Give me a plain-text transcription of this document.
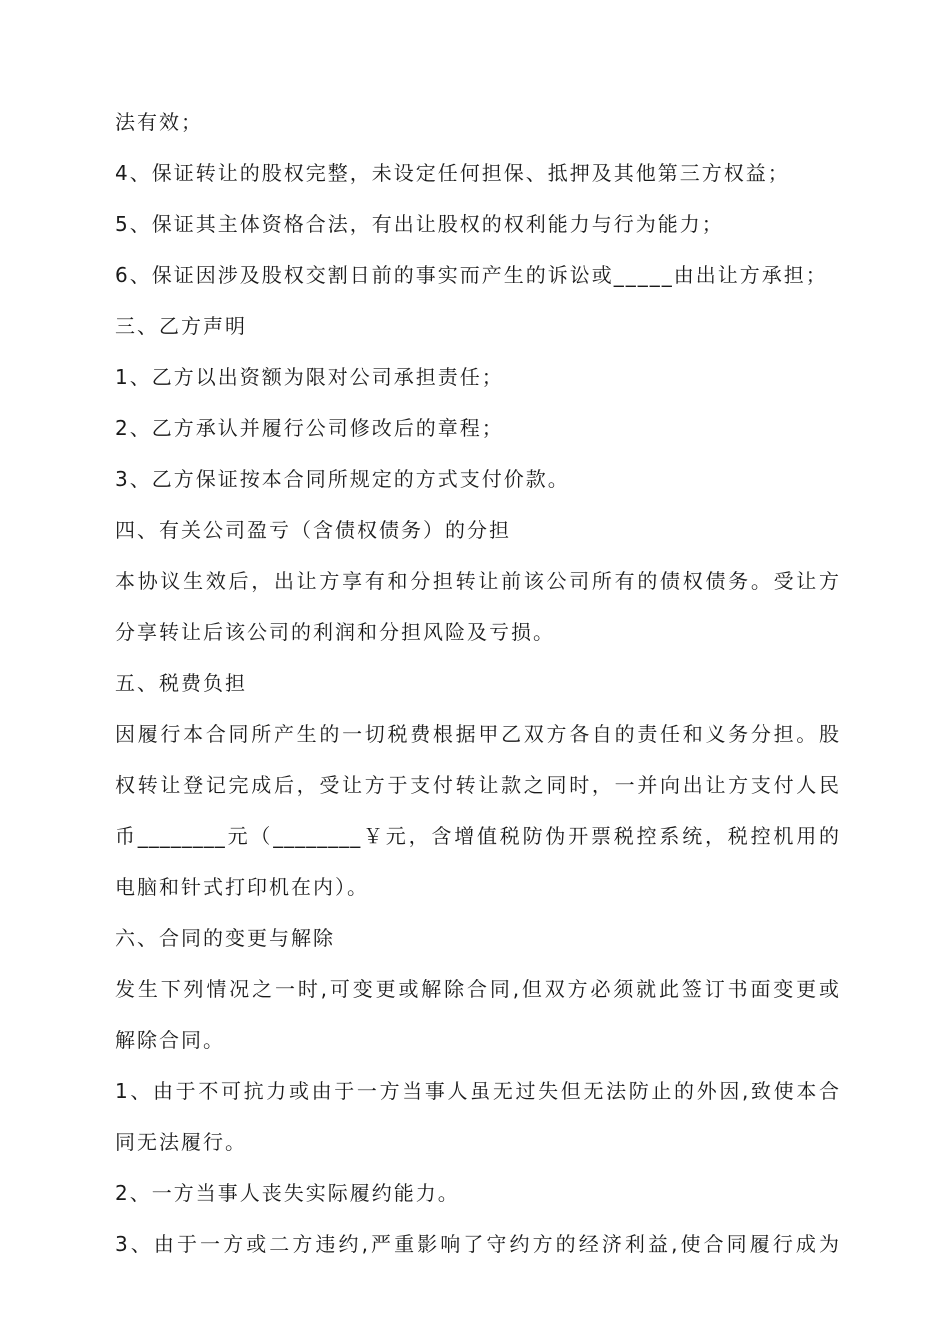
法有效；
4、保证转让的股权完整，未设定任何担保、抵押及其他第三方权益；
5、保证其主体资格合法，有出让股权的权利能力与行为能力；
6、保证因涉及股权交割日前的事实而产生的诉讼或_____由出让方承担；
三、乙方声明
1、乙方以出资额为限对公司承担责任；
2、乙方承认并履行公司修改后的章程；
3、乙方保证按本合同所规定的方式支付价款。
四、有关公司盈亏（含债权债务）的分担
本协议生效后，出让方享有和分担转让前该公司所有的债权债务。受让方
分享转让后该公司的利润和分担风险及亏损。
五、税费负担
因履行本合同所产生的一切税费根据甲乙双方各自的责任和义务分担。股
权转让登记完成后，受让方于支付转让款之同时，一并向出让方支付人民
币________元（________￥元，含增值税防伪开票税控系统，税控机用的
电脑和针式打印机在内）。
六、合同的变更与解除
发生下列情况之一时,可变更或解除合同,但双方必须就此签订书面变更或
解除合同。
1、由于不可抗力或由于一方当事人虽无过失但无法防止的外因,致使本合
同无法履行。
2、一方当事人丧失实际履约能力。
3、由于一方或二方违约,严重影响了守约方的经济利益,使合同履行成为
